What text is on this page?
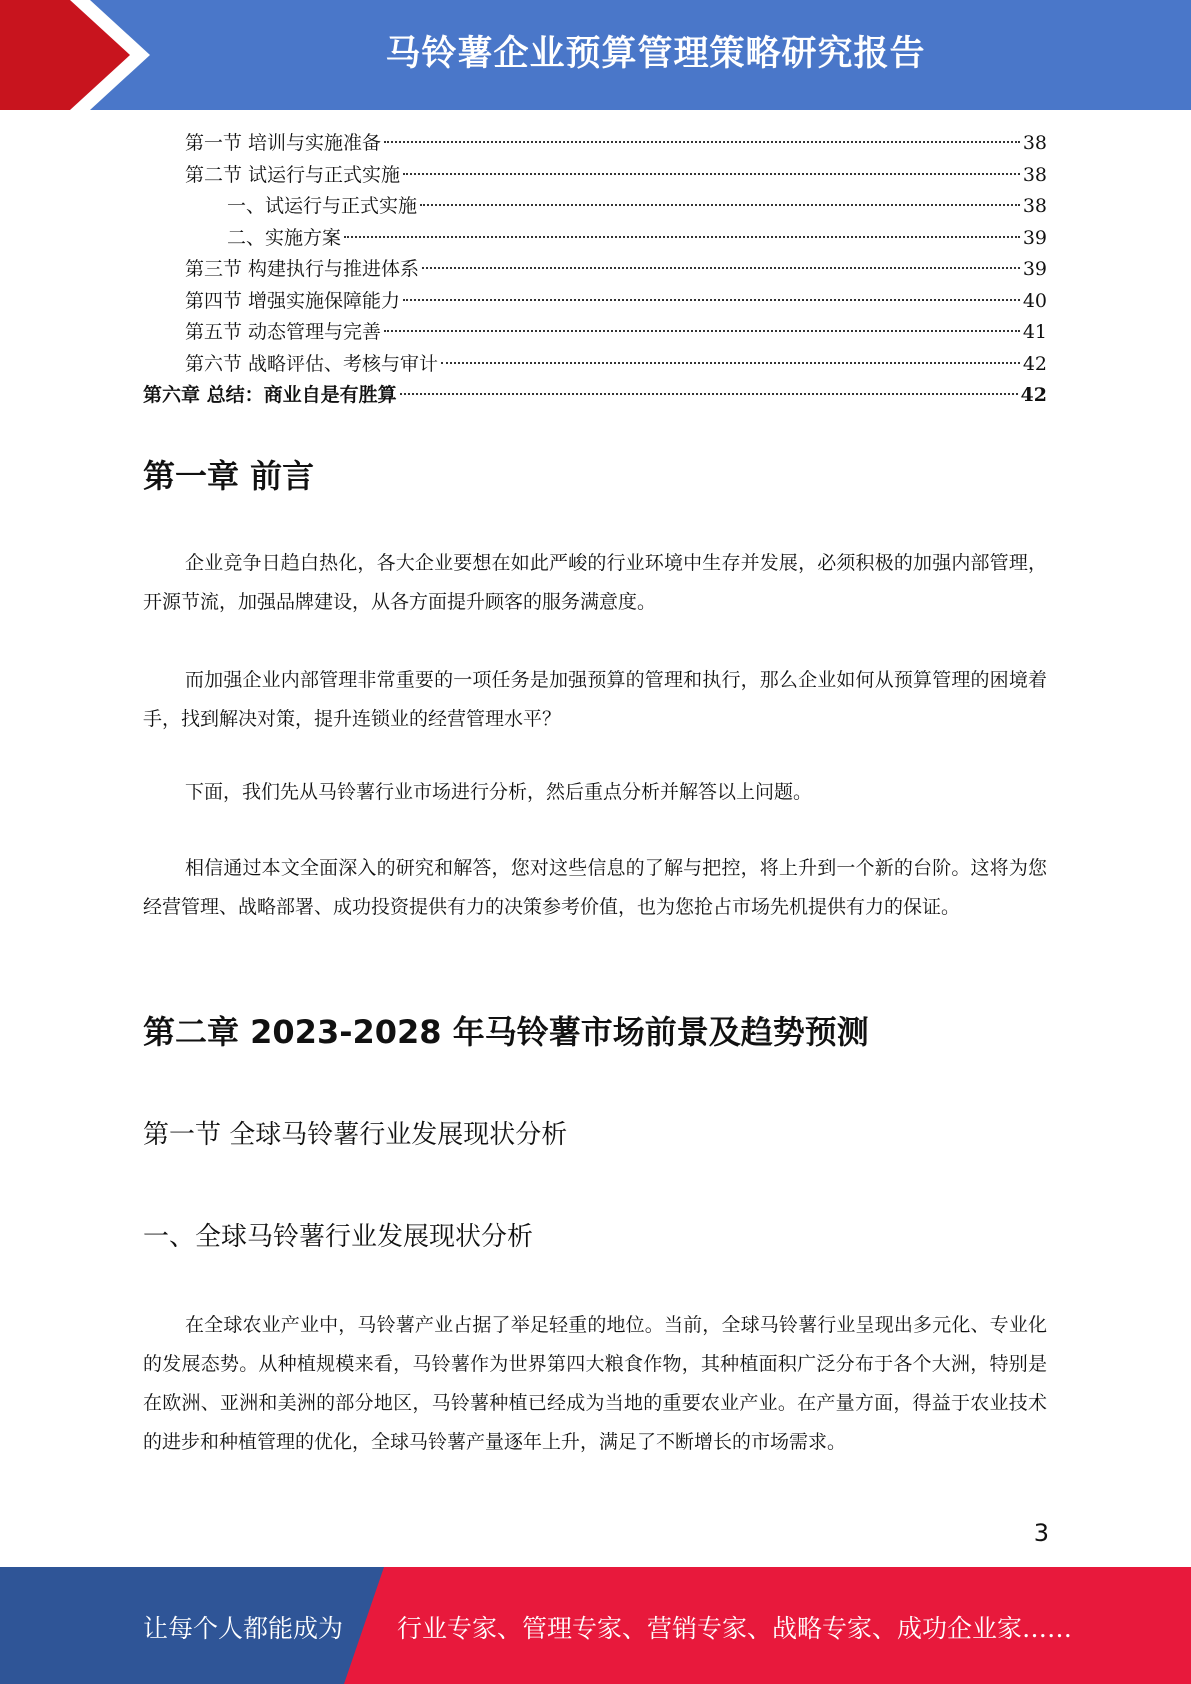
马铃薯企业预算管理策略研究报告
第一节 培训与实施准备	38
第二节 试运行与正式实施	38
一、试运行与正式实施	38
二、实施方案	39
第三节 构建执行与推进体系	39
第四节 增强实施保障能力	40
第五节 动态管理与完善	41
第六节 战略评估、考核与审计	42
第六章 总结：商业自是有胜算	42
第一章 前言

企业竞争日趋白热化，各大企业要想在如此严峻的行业环境中生存并发展，必须积极的加强内部管理，开源节流，加强品牌建设，从各方面提升顾客的服务满意度。

而加强企业内部管理非常重要的一项任务是加强预算的管理和执行，那么企业如何从预算管理的困境着手，找到解决对策，提升连锁业的经营管理水平？

下面，我们先从马铃薯行业市场进行分析，然后重点分析并解答以上问题。

相信通过本文全面深入的研究和解答，您对这些信息的了解与把控，将上升到一个新的台阶。这将为您经营管理、战略部署、成功投资提供有力的决策参考价值，也为您抢占市场先机提供有力的保证。

第二章 2023-2028 年马铃薯市场前景及趋势预测
第一节 全球马铃薯行业发展现状分析
一、全球马铃薯行业发展现状分析

在全球农业产业中，马铃薯产业占据了举足轻重的地位。当前，全球马铃薯行业呈现出多元化、专业化的发展态势。从种植规模来看，马铃薯作为世界第四大粮食作物，其种植面积广泛分布于各个大洲，特别是在欧洲、亚洲和美洲的部分地区，马铃薯种植已经成为当地的重要农业产业。在产量方面，得益于农业技术的进步和种植管理的优化，全球马铃薯产量逐年上升，满足了不断增长的市场需求。

3
让每个人都能成为 行业专家、管理专家、营销专家、战略专家、成功企业家……
